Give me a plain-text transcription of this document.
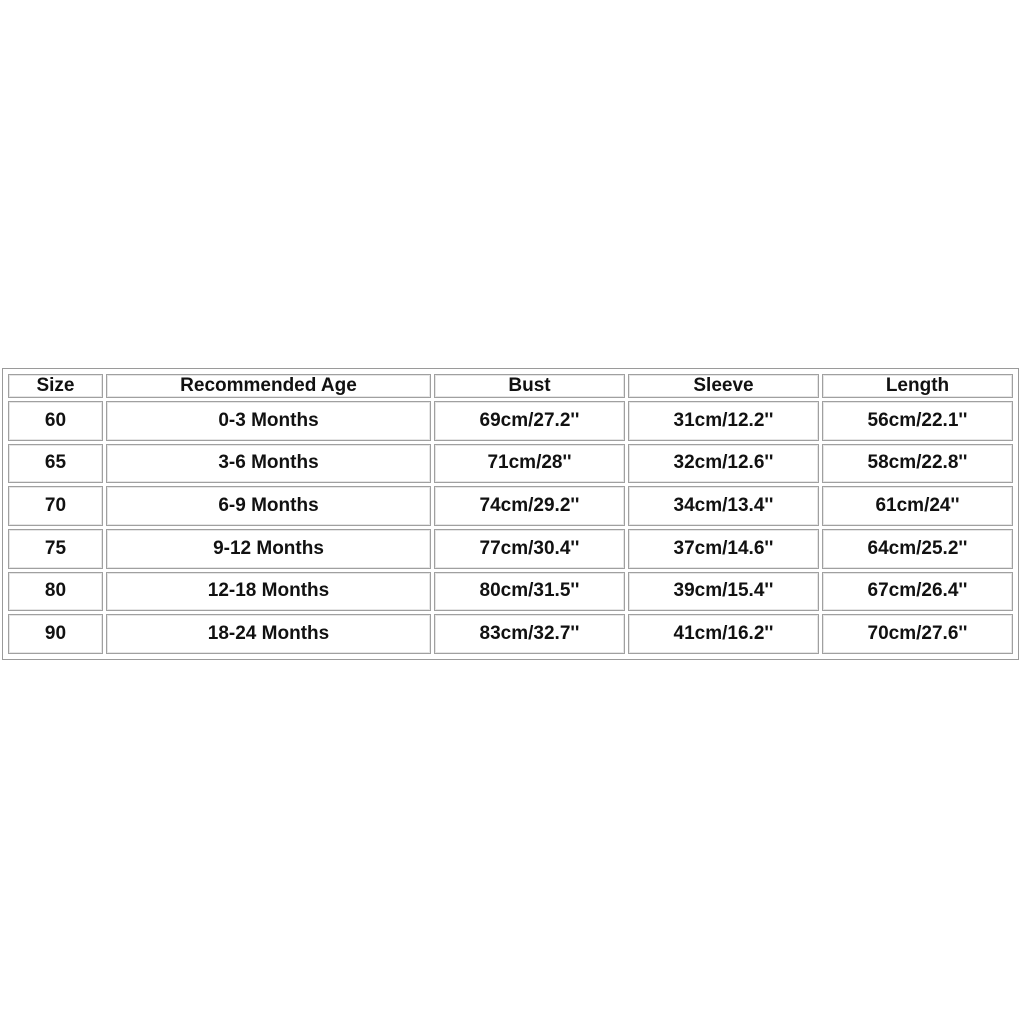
Size	Recommended Age	Bust	Sleeve	Length
60	0-3 Months	69cm/27.2''	31cm/12.2''	56cm/22.1''
65	3-6 Months	71cm/28''	32cm/12.6''	58cm/22.8''
70	6-9 Months	74cm/29.2''	34cm/13.4''	61cm/24''
75	9-12 Months	77cm/30.4''	37cm/14.6''	64cm/25.2''
80	12-18 Months	80cm/31.5''	39cm/15.4''	67cm/26.4''
90	18-24 Months	83cm/32.7''	41cm/16.2''	70cm/27.6''
